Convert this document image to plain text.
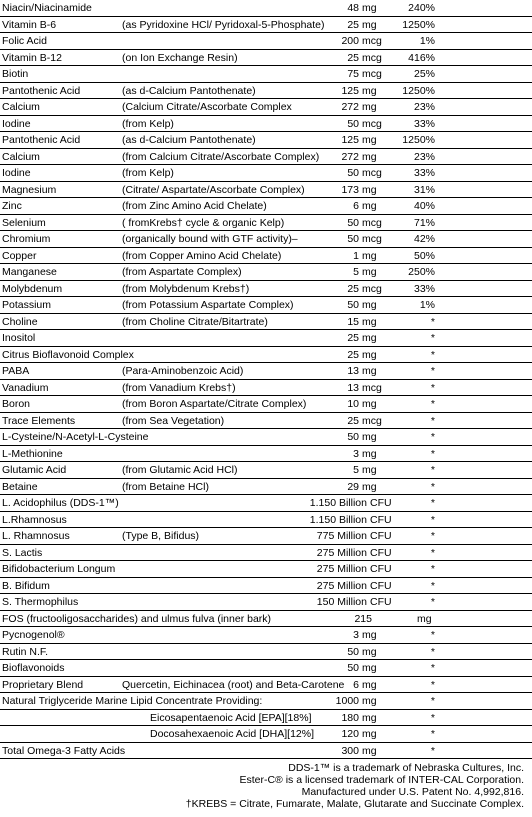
Niacin/Niacinamide	48 mg	240%
Vitamin B-6	(as Pyridoxine HCl/ Pyridoxal-5-Phosphate) 25 mg 1250%
Folic Acid	200 mcg	1%
Vitamin B-12	(on Ion Exchange Resin)	25 mcg	416%
Biotin	75 mcg	25%
Pantothenic Acid	(as d-Calcium Pantothenate)	125 mg 1250%
Calcium	(Calcium Citrate/Ascorbate Complex	272 mg	23%
Iodine	(from Kelp)	50 mcg	33%
Pantothenic Acid	(as d-Calcium Pantothenate)	125 mg 1250%
Calcium	(from Calcium Citrate/Ascorbate Complex) 272 mg	23%
Iodine	(from Kelp)	50 mcg	33%
Magnesium	(Citrate/ Aspartate/Ascorbate Complex)	173 mg	31%
Zinc	(from Zinc Amino Acid Chelate)	6 mg	40%
Selenium	( fromKrebs† cycle & organic Kelp)	50 mcg	71%
Chromium	(organically bound with GTF activity)–	50 mcg	42%
Copper	(from Copper Amino Acid Chelate)	1 mg	50%
Manganese	(from Aspartate Complex)	5 mg	250%
Molybdenum	(from Molybdenum Krebs†)	25 mcg	33%
Potassium	(from Potassium Aspartate Complex)	50 mg	1%
Choline	(from Choline Citrate/Bitartrate)	15 mg	*
Inositol	25 mg	*
Citrus Bioflavonoid Complex	25 mg	*
PABA	(Para-Aminobenzoic Acid)	13 mg	*
Vanadium	(from Vanadium Krebs†)	13 mcg	*
Boron	(from Boron Aspartate/Citrate Complex)	10 mg	*
Trace Elements	(from Sea Vegetation)	25 mcg	*
L-Cysteine/N-Acetyl-L-Cysteine	50 mg	*
L-Methionine	3 mg	*
Glutamic Acid	(from Glutamic Acid HCl)	5 mg	*
Betaine	(from Betaine HCl)	29 mg	*
L. Acidophilus (DDS-1™)	1.150 Billion CFU	*
L.Rhamnosus	1.150 Billion CFU	*
L. Rhamnosus	(Type B, Bifidus)	775 Million CFU	*
S. Lactis	275 Million CFU	*
Bifidobacterium Longum	275 Million CFU	*
B. Bifidum	275 Million CFU	*
S. Thermophilus	150 Million CFU	*
FOS (fructooligosaccharides) and ulmus fulva (inner bark)	215	mg
Pycnogenol®	3 mg	*
Rutin N.F.	50 mg	*
Bioflavonoids	50 mg	*
Proprietary Blend	Quercetin, Eichinacea (root) and Beta-Carotene 6 mg	*
Natural Triglyceride Marine Lipid Concentrate Providing:	1000 mg	*
Eicosapentaenoic Acid [EPA][18%]	180 mg	*
Docosahexaenoic Acid [DHA][12%]	120 mg	*
Total Omega-3 Fatty Acids	300 mg	*
DDS-1™ is a trademark of Nebraska Cultures, Inc.
Ester-C® is a licensed trademark of INTER-CAL Corporation.
Manufactured under U.S. Patent No. 4,992,816.
†KREBS = Citrate, Fumarate, Malate, Glutarate and Succinate Complex.
